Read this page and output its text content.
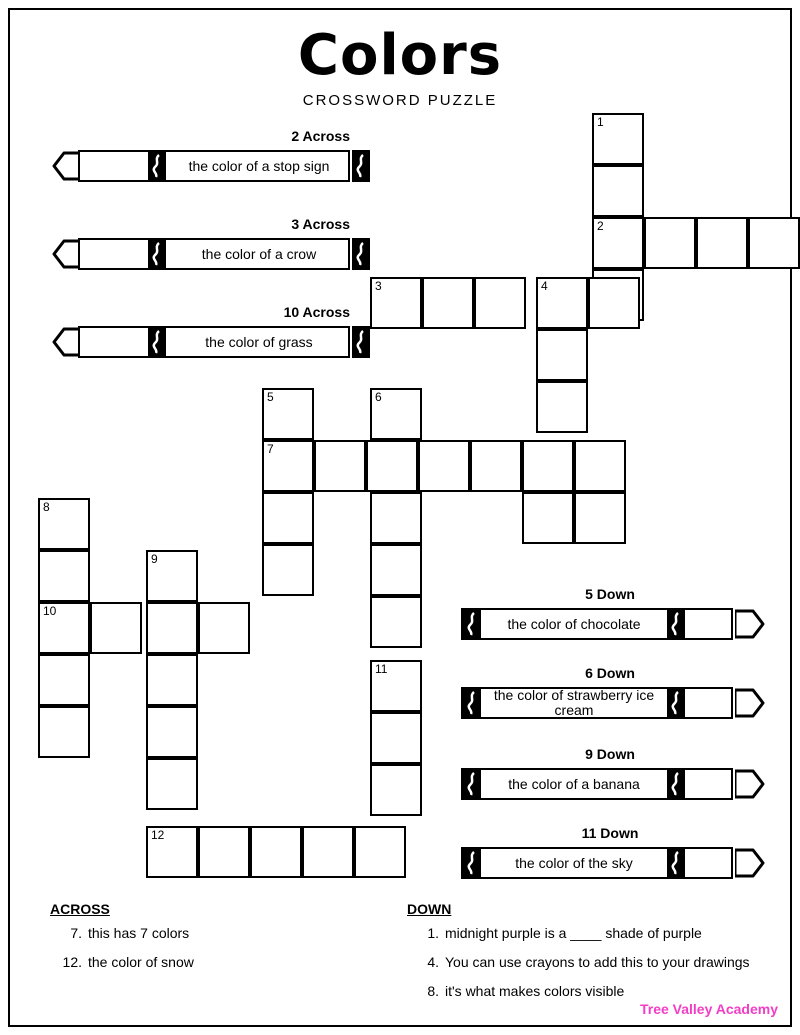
Colors
CROSSWORD PUZZLE
1
2
3	4
5	6
7
8
9
10
11
12
2 Across
the color of a stop sign
3 Across
the color of a crow
10 Across
the color of grass
5 Down
the color of chocolate
6 Down
the color of strawberry ice cream
9 Down
the color of a banana
11 Down
the color of the sky
ACROSS
7. this has 7 colors
12. the color of snow
DOWN
1. midnight purple is a ____ shade of purple
4. You can use crayons to add this to your drawings
8. it's what makes colors visible
Tree Valley Academy
